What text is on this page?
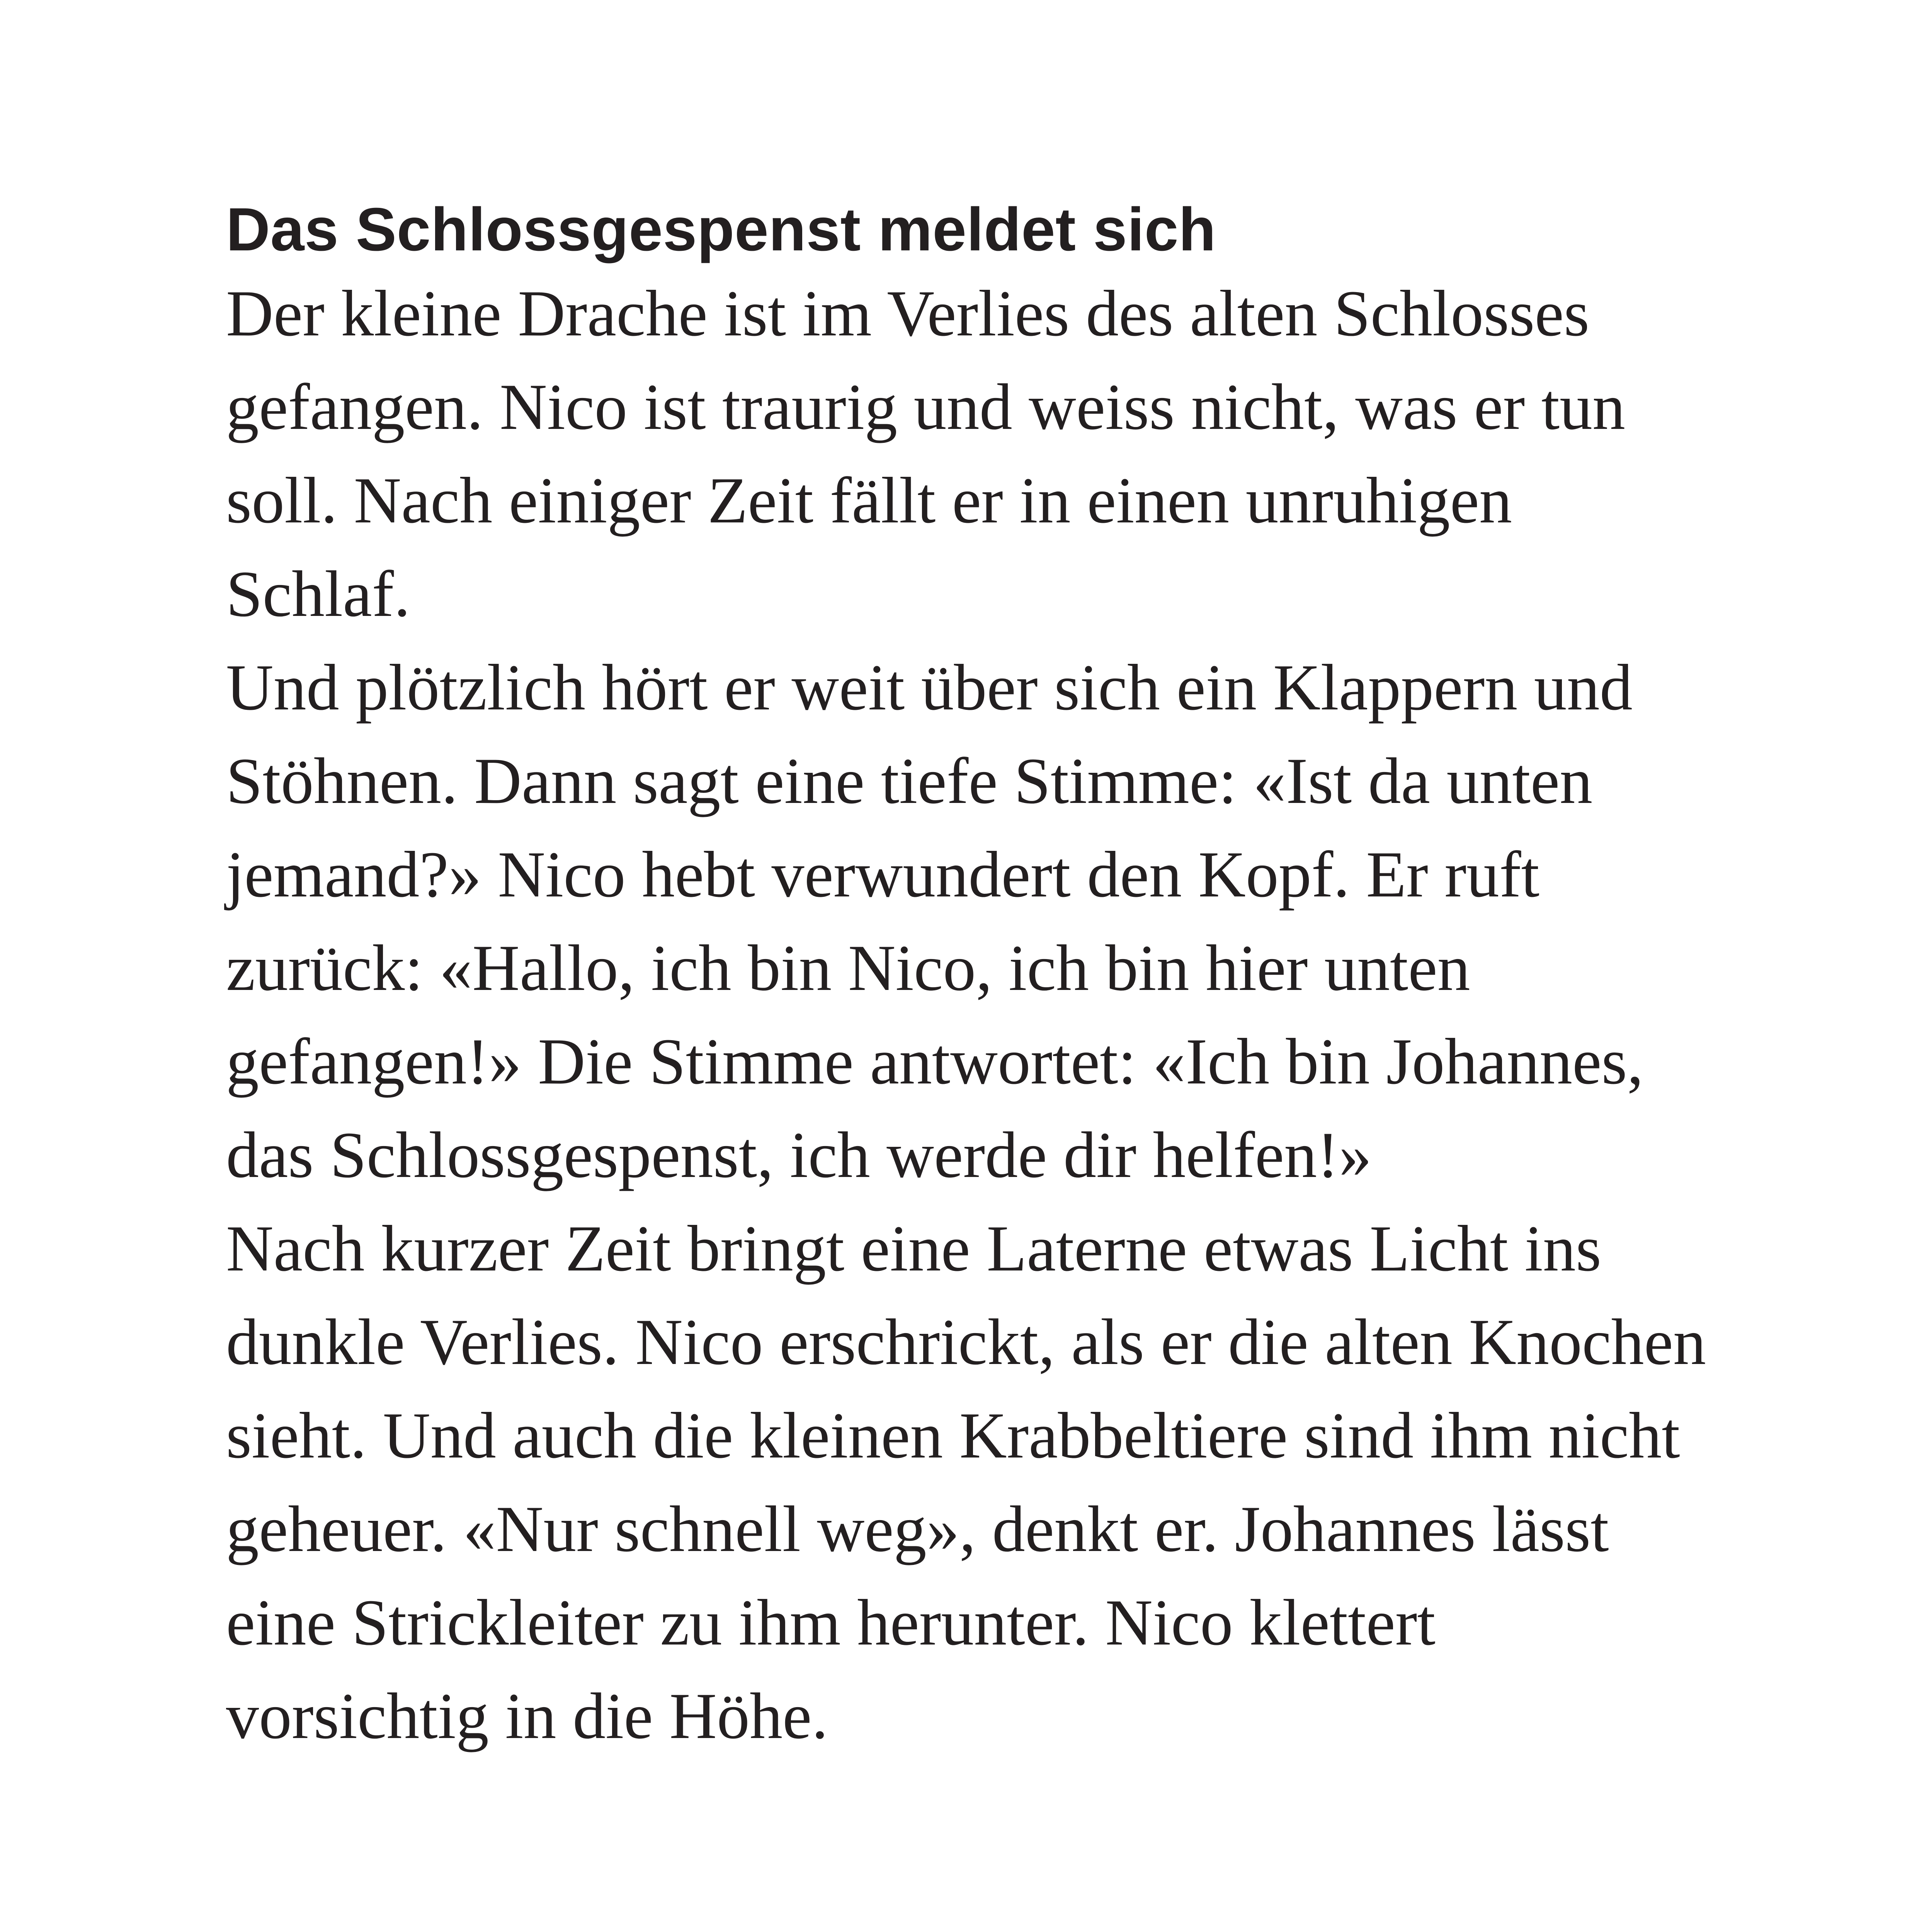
Das Schlossgespenst meldet sich

Der kleine Drache ist im Verlies des alten Schlosses
gefangen. Nico ist traurig und weiss nicht, was er tun
soll. Nach einiger Zeit fällt er in einen unruhigen
Schlaf.

Und plötzlich hört er weit über sich ein Klappern und
Stöhnen. Dann sagt eine tiefe Stimme: «Ist da unten
jemand?» Nico hebt verwundert den Kopf. Er ruft
zurück: «Hallo, ich bin Nico, ich bin hier unten
gefangen!» Die Stimme antwortet: «Ich bin Johannes,
das Schlossgespenst, ich werde dir helfen!»

Nach kurzer Zeit bringt eine Laterne etwas Licht ins
dunkle Verlies. Nico erschrickt, als er die alten Knochen
sieht. Und auch die kleinen Krabbeltiere sind ihm nicht
geheuer. «Nur schnell weg», denkt er. Johannes lässt
eine Strickleiter zu ihm herunter. Nico klettert
vorsichtig in die Höhe.
